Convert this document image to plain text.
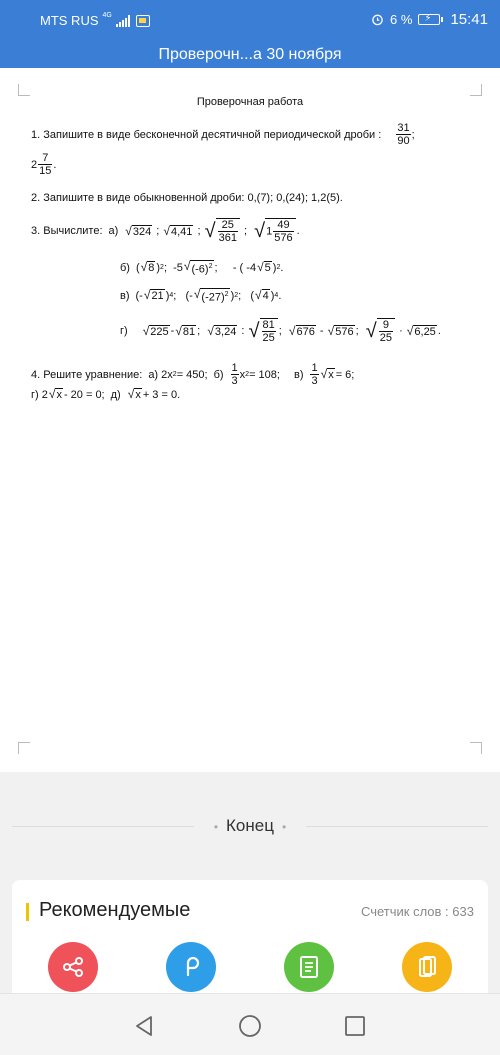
MTS RUS 4G	6 % ⚡ 15:41
Проверочн...а 30 ноября
Проверочная работа
1. Запишите в виде бесконечной десятичной периодической дроби : $\frac{31}{90}$ ;
$2 \frac{7}{15}$ .
2. Запишите в виде обыкновенной дроби: 0,(7); 0,(24); 1,2(5).
3. Вычислите: а) √ 324 ; √ 4,41 ; √ $\frac{25}{361}$ ; √ $1 \frac{49}{576}$ .
б) ( √ 8 ) 2 ;  -5 √ $(-6)^2$ ;     - ( -4 √ 5 ) 2 .
в) (- √ 21 ) 4 ;   (- √ $(-27)^2$ ) 2 ;   ( √ 4 ) 4 .
г) √ 225 - √ 81 ; √ 3,24 : √ $\frac{81}{25}$ ; √ 676 - √ 576 ; √ $\frac{9}{25}$ · √ 6,25 .
4. Решите уравнение: а) 2x 2 = 450; $б) \frac{1}{3}$ x 2 = 108; $в) \frac{1}{3}$ √ x = 6;
г) 2 √ x - 20 = 0; д) √ x + 3 = 0.
• Конец •
Рекомендуемые	Счетчик слов : 633
